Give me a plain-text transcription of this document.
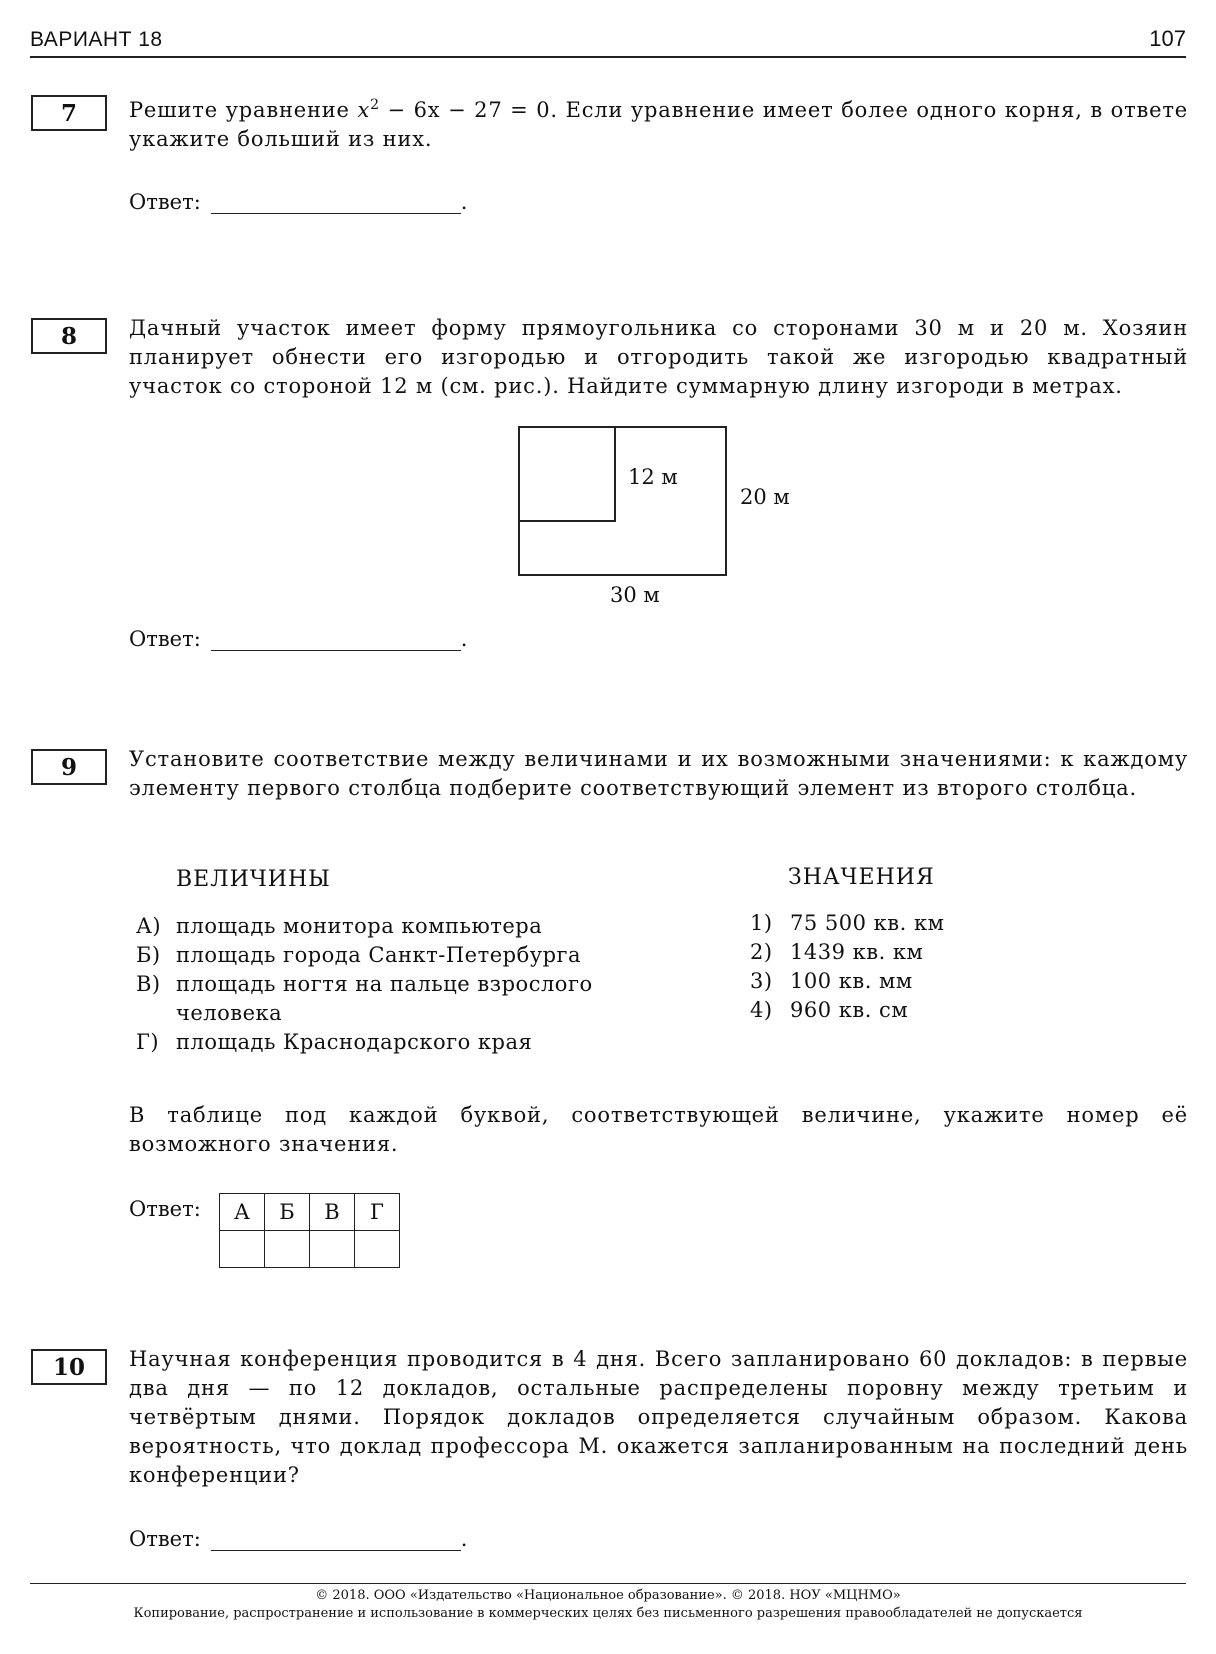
ВАРИАНТ 18	107
7	Решите уравнение $x^2 - 6x - 27 = 0$. Если уравнение имеет более одного корня, в ответе укажите больший из них.
Ответ:	.
8	Дачный участок имеет форму прямоугольника со сторонами 30 м и 20 м. Хозяин планирует обнести его изгородью и отгородить такой же изгородью квадратный участок со стороной 12 м (см. рис.). Найдите суммарную длину изгороди в метрах.
12 м
20 м
30 м
Ответ:	.
9	Установите соответствие между величинами и их возможными значениями: к каждому элементу первого столбца подберите соответствующий элемент из второго столбца.
ВЕЛИЧИНЫ	ЗНАЧЕНИЯ
А) площадь монитора компьютера
Б) площадь города Санкт-Петербурга
В) площадь ногтя на пальце взрослого
человека
Г) площадь Краснодарского края
1) 75 500 кв. км
2) 1439 кв. км
3) 100 кв. мм
4) 960 кв. см
В таблице под каждой буквой, соответствующей величине, укажите номер её возможного значения.
Ответ: А	Б	В	Г

10	Научная конференция проводится в 4 дня. Всего запланировано 60 докладов: в первые два дня — по 12 докладов, остальные распределены поровну между третьим и четвёртым днями. Порядок докладов определяется случайным образом. Какова вероятность, что доклад профессора М. окажется запланированным на последний день конференции?
Ответ:	.
© 2018. ООО «Издательство «Национальное образование». © 2018. НОУ «МЦНМО»
Копирование, распространение и использование в коммерческих целях без письменного разрешения правообладателей не допускается
